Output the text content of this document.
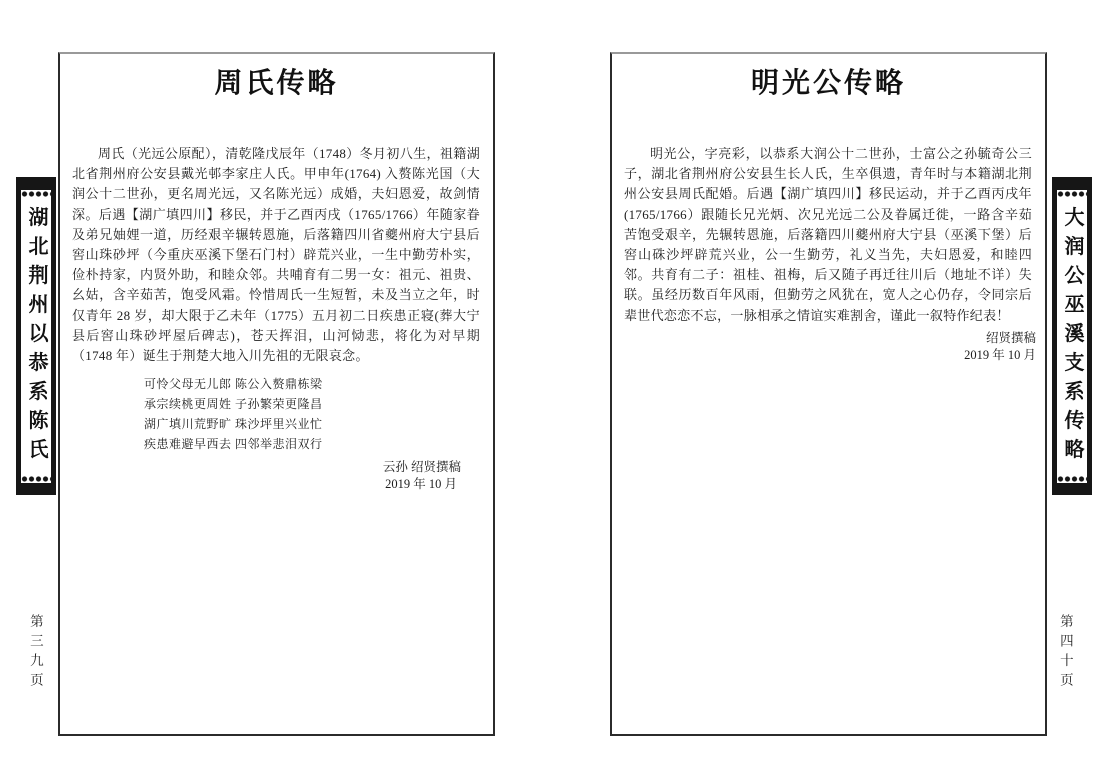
湖北荆州以恭系陈氏	大润公巫溪支系传略
第三九页	第四十页
周氏传略

周氏（光远公原配），清乾隆戊辰年（1748）冬月初八生，祖籍湖北省荆州府公安县戴光邨李家庄人氏。甲申年(1764) 入赘陈光国（大润公十二世孙，更名周光远，又名陈光远）成婚，夫妇恩爱，故剑情深。后遇【湖广填四川】移民，并于乙酉丙戌（1765/1766）年随家眷及弟兄妯娌一道，历经艰辛辗转恩施，后落籍四川省夔州府大宁县后窖山珠砂坪（今重庆巫溪下堡石门村）辟荒兴业，一生中勤劳朴实，俭朴持家，内贤外助，和睦众邻。共哺育有二男一女：祖元、祖贵、幺姑，含辛茹苦，饱受风霜。怜惜周氏一生短暂，未及当立之年，时仅青年 28 岁，却大限于乙未年（1775）五月初二日疾患正寝(葬大宁县后窖山珠砂坪屋后碑志)，苍天挥泪，山河恸悲，将化为对早期（1748 年）诞生于荆楚大地入川先祖的无限哀念。

可怜父母无儿郎 陈公入赘鼎栋梁
承宗续桃更周姓 子孙繁荣更隆昌
湖广填川荒野旷 珠沙坪里兴业忙
疾患难避早西去 四邻举悲泪双行
云孙 绍贤撰稿
2019 年 10 月
明光公传略

明光公，字亮彩，以恭系大润公十二世孙，士富公之孙毓奇公三子，湖北省荆州府公安县生长人氏，生卒俱遗，青年时与本籍湖北荆州公安县周氏配婚。后遇【湖广填四川】移民运动，并于乙酉丙戌年(1765/1766）跟随长兄光炳、次兄光远二公及眷属迁徙，一路含辛茹苦饱受艰辛，先辗转恩施，后落籍四川夔州府大宁县（巫溪下堡）后窖山硃沙坪辟荒兴业，公一生勤劳，礼义当先，夫妇恩爱，和睦四邻。共育有二子：祖桂、祖梅，后又随子再迁往川后（地址不详）失联。虽经历数百年风雨，但勤劳之风犹在，宽人之心仍存，令同宗后辈世代恋恋不忘，一脉相承之情谊实难割舍，谨此一叙特作纪表！

绍贤撰稿
2019 年 10 月
